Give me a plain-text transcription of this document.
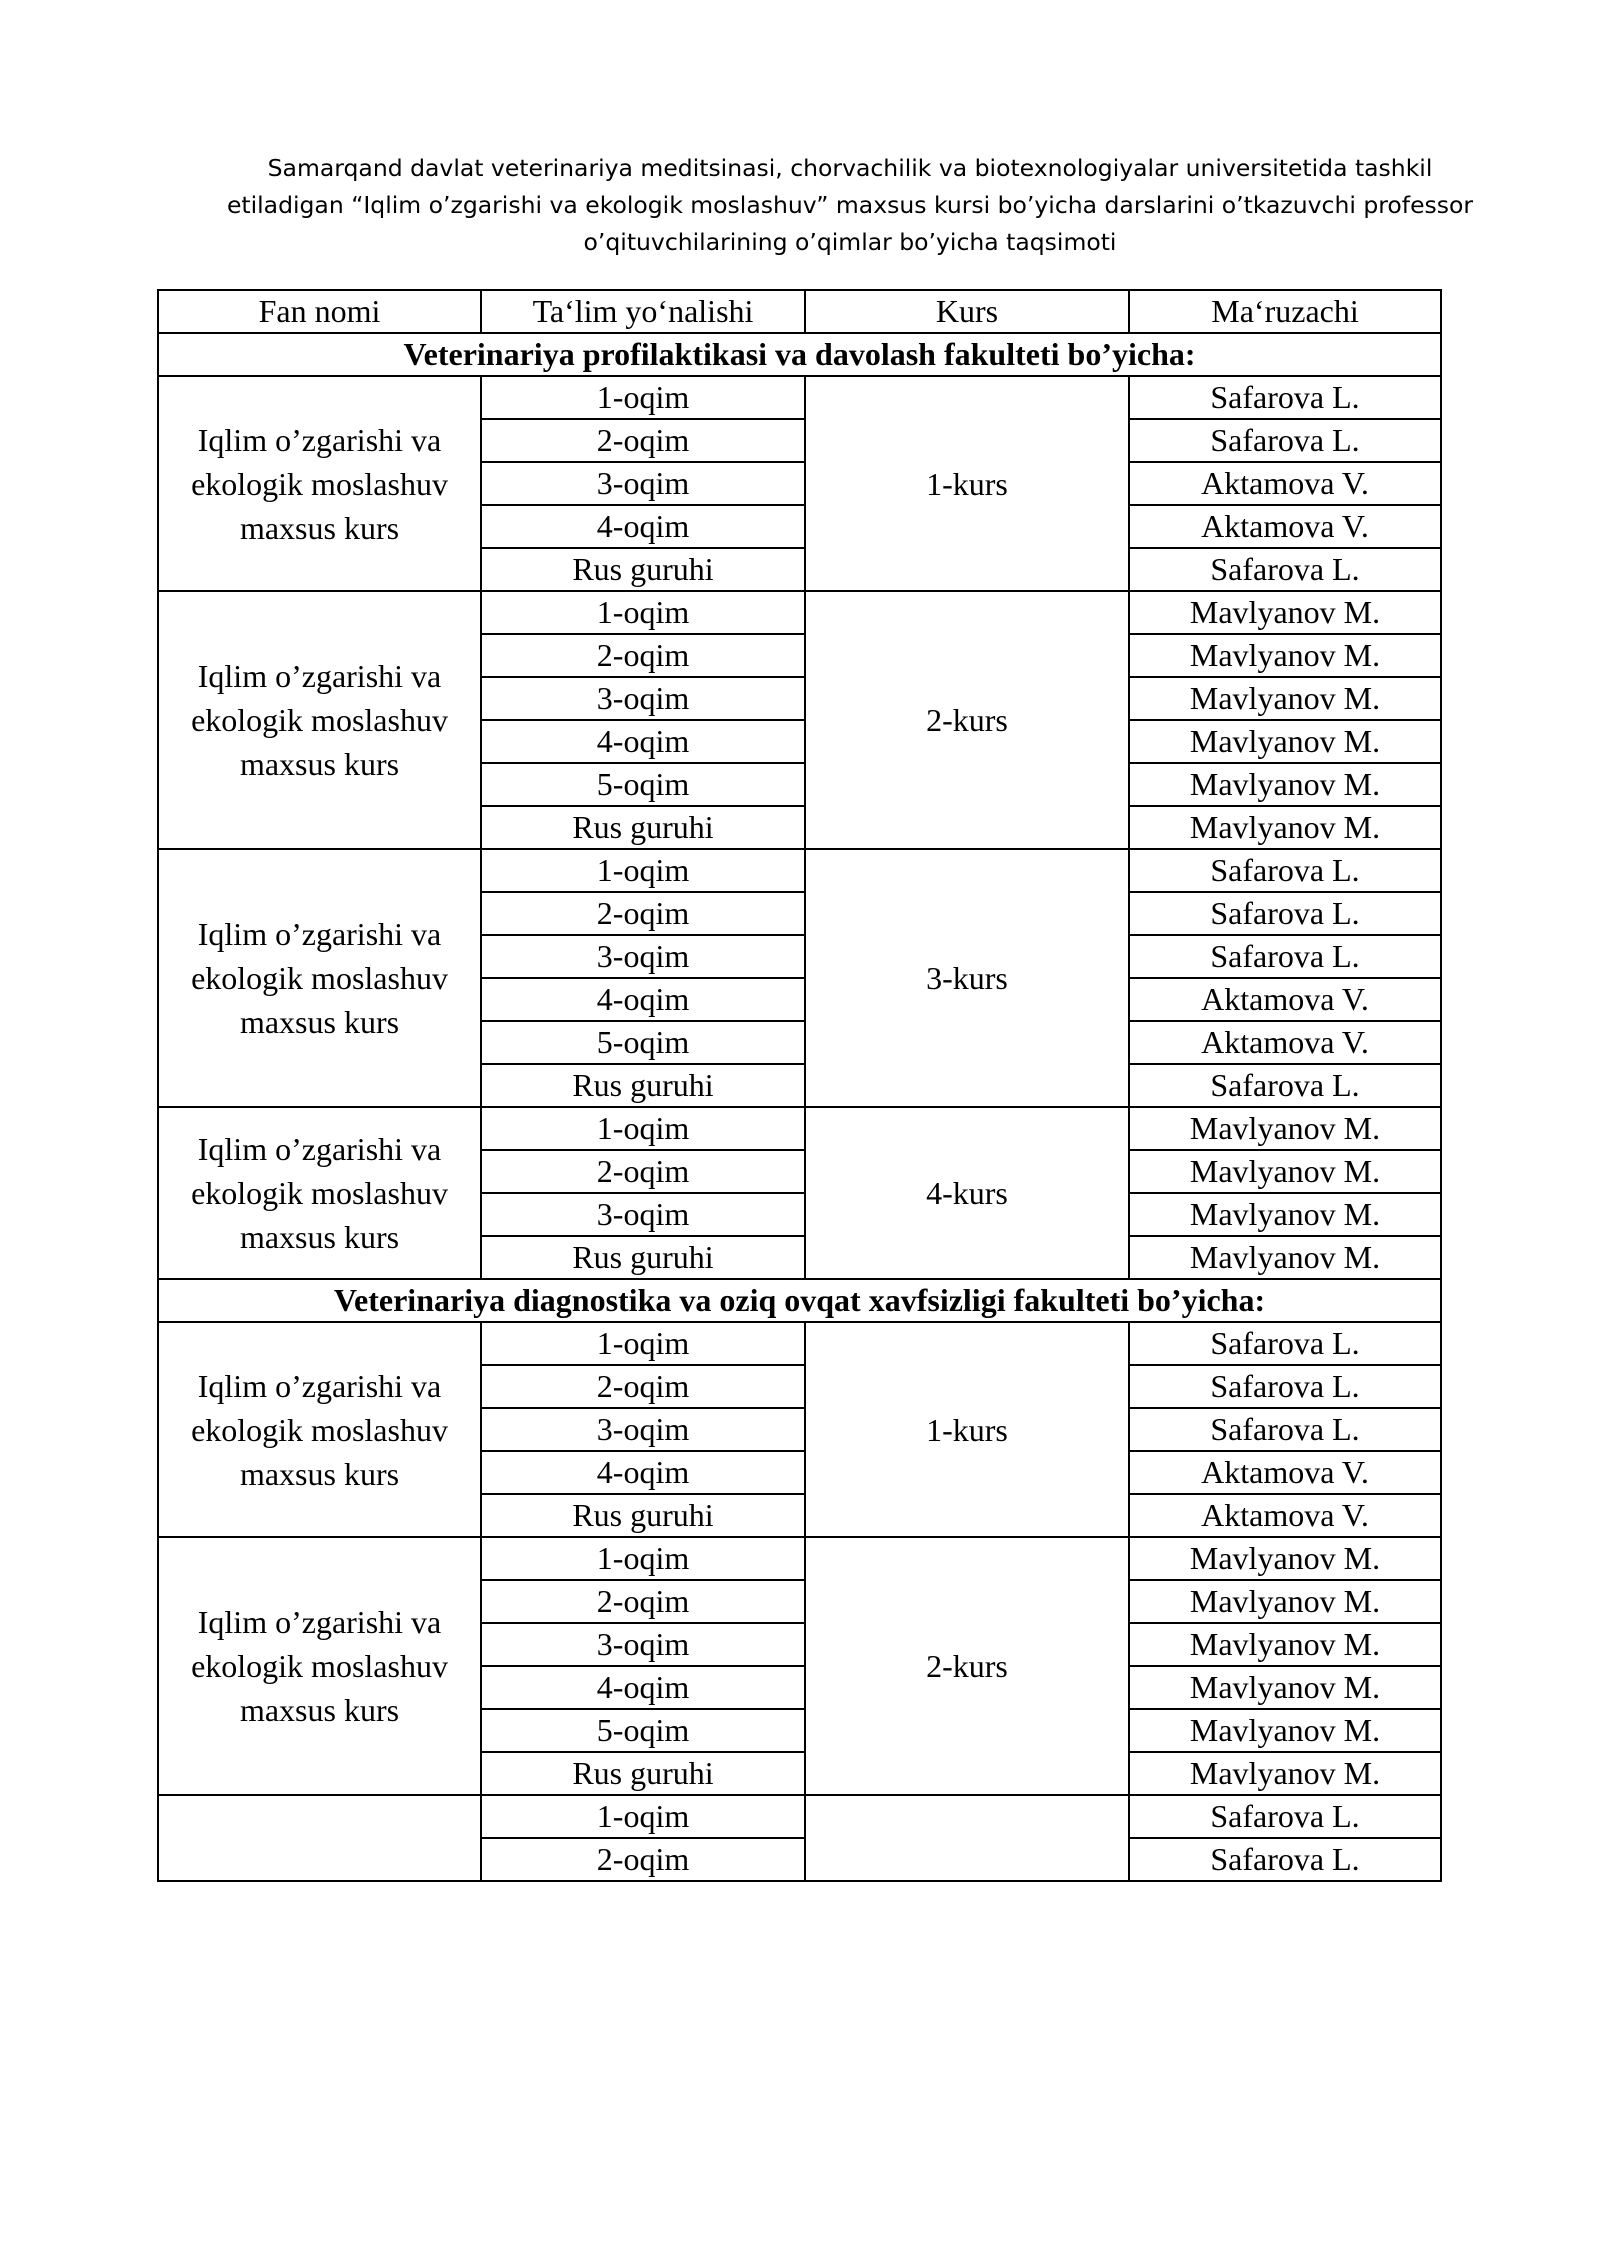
Samarqand davlat veterinariya meditsinasi, chorvachilik va biotexnologiyalar universitetida tashkil
etiladigan “Iqlim o’zgarishi va ekologik moslashuv” maxsus kursi bo’yicha darslarini o’tkazuvchi professor
o’qituvchilarining o’qimlar bo’yicha taqsimoti
Fan nomi	Ta‘lim yo‘nalishi	Kurs	Ma‘ruzachi
Veterinariya profilaktikasi va davolash fakulteti bo’yicha:			
Iqlim o’zgarishi va ekologik moslashuv maxsus kurs	1-oqim	1-kurs	Safarova L.
	2-oqim		Safarova L.
	3-oqim		Aktamova V.
	4-oqim		Aktamova V.
	Rus guruhi		Safarova L.

Iqlim o’zgarishi va ekologik moslashuv maxsus kurs	1-oqim	2-kurs	Mavlyanov M.
	2-oqim		Mavlyanov M.
	3-oqim		Mavlyanov M.
	4-oqim		Mavlyanov M.
	5-oqim		Mavlyanov M.
	Rus guruhi		Mavlyanov M.
Iqlim o’zgarishi va ekologik moslashuv maxsus kurs	1-oqim	3-kurs	Safarova L.
	2-oqim		Safarova L.
	3-oqim		Safarova L.
	4-oqim		Aktamova V.
	5-oqim		Aktamova V.
	Rus guruhi		Safarova L.
Iqlim o’zgarishi va ekologik moslashuv maxsus kurs	1-oqim	4-kurs	Mavlyanov M.
	2-oqim		Mavlyanov M.
	3-oqim		Mavlyanov M.
	Rus guruhi		Mavlyanov M.

Veterinariya diagnostika va oziq ovqat xavfsizligi fakulteti bo’yicha:			
Iqlim o’zgarishi va ekologik moslashuv maxsus kurs	1-oqim	1-kurs	Safarova L.
	2-oqim		Safarova L.
	3-oqim		Safarova L.
	4-oqim		Aktamova V.
	Rus guruhi		Aktamova V.

Iqlim o’zgarishi va ekologik moslashuv maxsus kurs	1-oqim	2-kurs	Mavlyanov M.
	2-oqim		Mavlyanov M.
	3-oqim		Mavlyanov M.
	4-oqim		Mavlyanov M.
	5-oqim		Mavlyanov M.
	Rus guruhi		Mavlyanov M.
	1-oqim		Safarova L.
	2-oqim		Safarova L.
